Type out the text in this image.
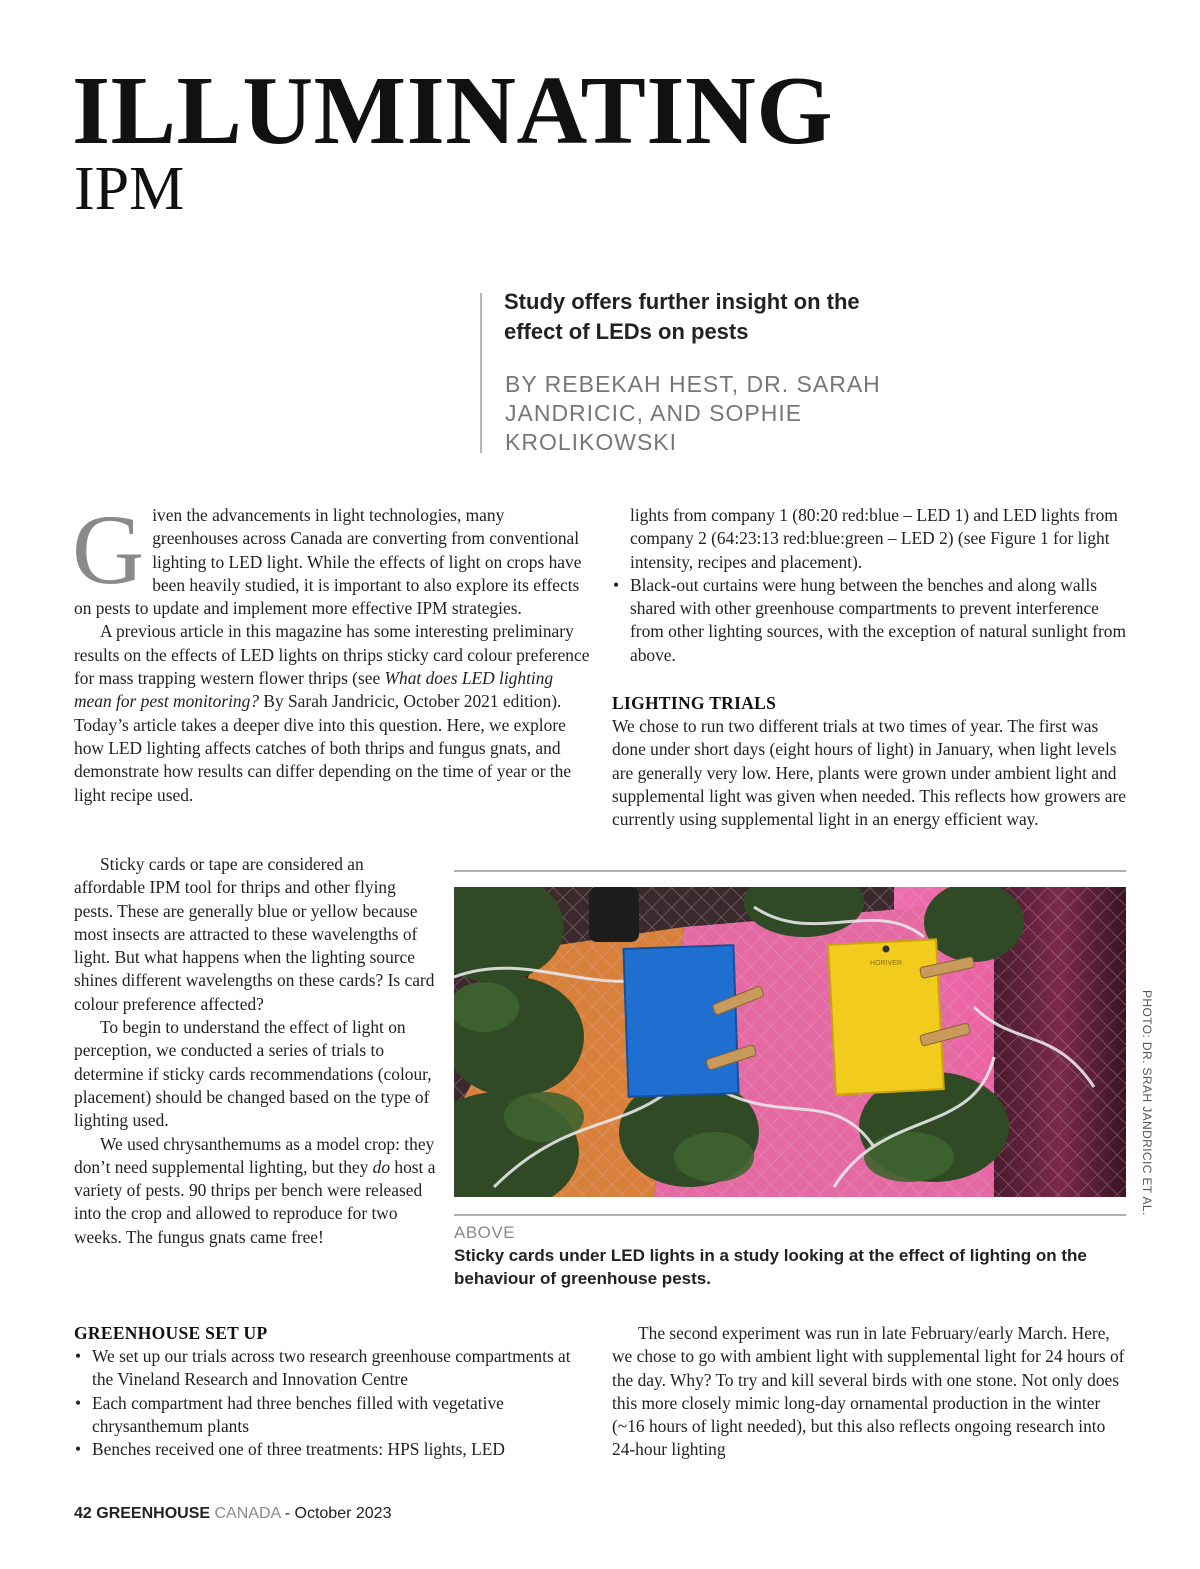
ILLUMINATING
IPM

Study offers further insight on the effect of LEDs on pests

BY REBEKAH HEST, DR. SARAH JANDRICIC, AND SOPHIE KROLIKOWSKI

Given the advancements in light technologies, many greenhouses across Canada are converting from conventional lighting to LED light. While the effects of light on crops have been heavily studied, it is important to also explore its effects on pests to update and implement more effective IPM strategies.

A previous article in this magazine has some interesting preliminary results on the effects of LED lights on thrips sticky card colour preference for mass trapping western flower thrips (see What does LED lighting mean for pest monitoring? By Sarah Jandricic, October 2021 edition). Today’s article takes a deeper dive into this question. Here, we explore how LED lighting affects catches of both thrips and fungus gnats, and demonstrate how results can differ depending on the time of year or the light recipe used.

Sticky cards or tape are considered an affordable IPM tool for thrips and other flying pests. These are generally blue or yellow because most insects are attracted to these wavelengths of light. But what happens when the lighting source shines different wavelengths on these cards? Is card colour preference affected?

To begin to understand the effect of light on perception, we conducted a series of trials to determine if sticky cards recommendations (colour, placement) should be changed based on the type of lighting used.

We used chrysanthemums as a model crop: they don’t need supplemental lighting, but they do host a variety of pests. 90 thrips per bench were released into the crop and allowed to reproduce for two weeks. The fungus gnats came free!

lights from company 1 (80:20 red:blue – LED 1) and LED lights from company 2 (64:23:13 red:blue:green – LED 2) (see Figure 1 for light intensity, recipes and placement).

• Black-out curtains were hung between the benches and along walls shared with other greenhouse compartments to prevent interference from other lighting sources, with the exception of natural sunlight from above.

LIGHTING TRIALS

We chose to run two different trials at two times of year. The first was done under short days (eight hours of light) in January, when light levels are generally very low. Here, plants were grown under ambient light and supplemental light was given when needed. This reflects how growers are currently using supplemental light in an energy efficient way.

HORIVER
PHOTO: DR. SRAH JANDRICIC ET AL.

ABOVE

Sticky cards under LED lights in a study looking at the effect of lighting on the behaviour of greenhouse pests.

GREENHOUSE SET UP

• We set up our trials across two research greenhouse compartments at the Vineland Research and Innovation Centre
• Each compartment had three benches filled with vegetative chrysanthemum plants
• Benches received one of three treatments: HPS lights, LED

The second experiment was run in late February/early March. Here, we chose to go with ambient light with supplemental light for 24 hours of the day. Why? To try and kill several birds with one stone. Not only does this more closely mimic long-day ornamental production in the winter (~16 hours of light needed), but this also reflects ongoing research into 24-hour lighting

42 GREENHOUSE CANADA - October 2023
